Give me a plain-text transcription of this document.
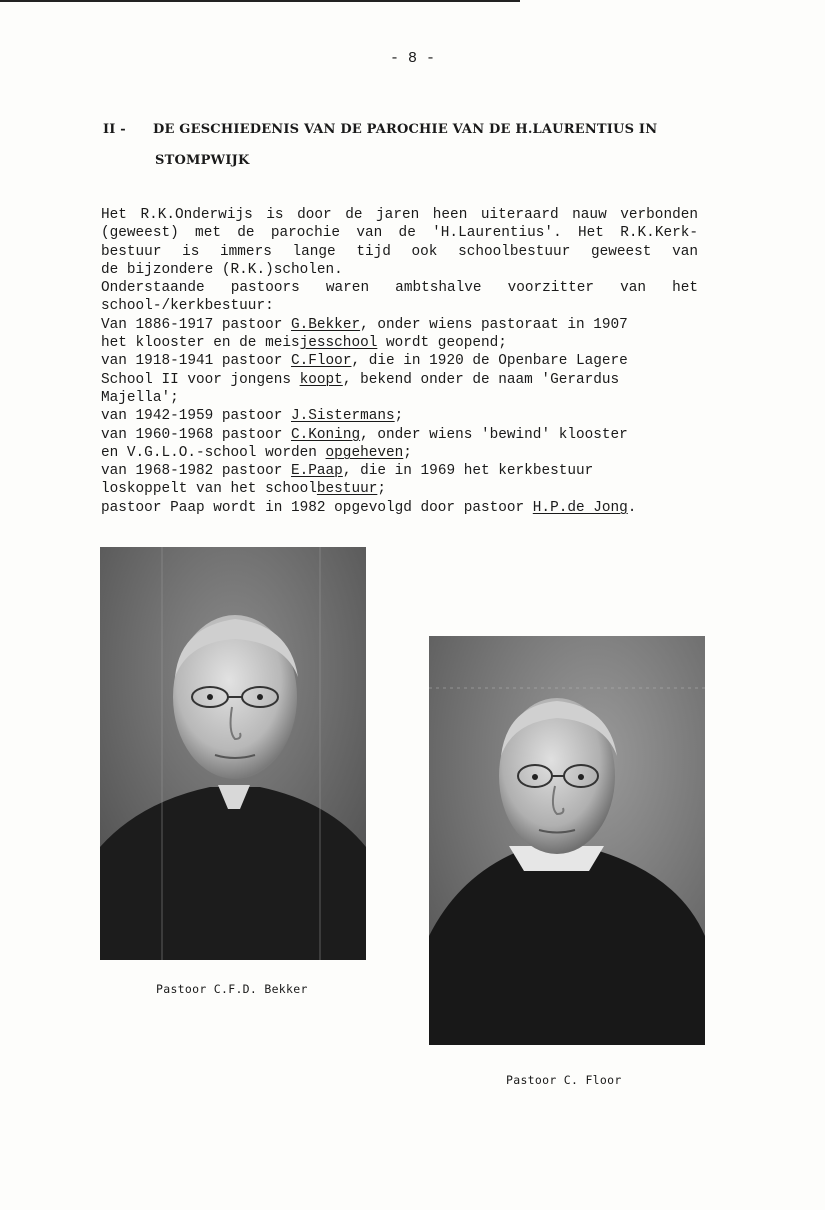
- 8 -
II - DE GESCHIEDENIS VAN DE PAROCHIE VAN DE H.LAURENTIUS IN
STOMPWIJK
Het R.K.Onderwijs is door de jaren heen uiteraard nauw verbonden
(geweest) met de parochie van de 'H.Laurentius'. Het R.K.Kerk-
bestuur is immers lange tijd ook schoolbestuur geweest van
de bijzondere (R.K.)scholen.
Onderstaande pastoors waren ambtshalve voorzitter van het
school-/kerkbestuur:
Van 1886-1917 pastoor G.Bekker, onder wiens pastoraat in 1907
het klooster en de meisjesschool wordt geopend;
van 1918-1941 pastoor C.Floor, die in 1920 de Openbare Lagere
School II voor jongens koopt, bekend onder de naam 'Gerardus
Majella';
van 1942-1959 pastoor J.Sistermans;
van 1960-1968 pastoor C.Koning, onder wiens 'bewind' klooster
en V.G.L.O.-school worden opgeheven;
van 1968-1982 pastoor E.Paap, die in 1969 het kerkbestuur
loskoppelt van het schoolbestuur;
pastoor Paap wordt in 1982 opgevolgd door pastoor H.P.de Jong.
Pastoor C.F.D. Bekker
Pastoor C. Floor
